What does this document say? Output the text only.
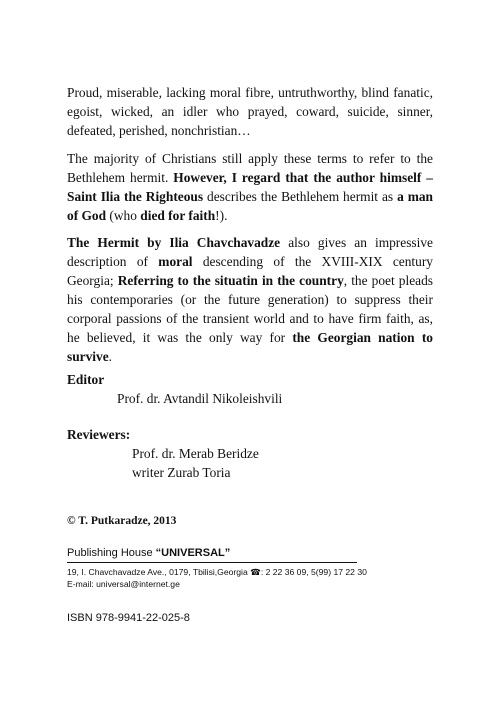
Proud, miserable, lacking moral fibre, untruthworthy, blind fanatic, egoist, wicked, an idler who prayed, coward, suicide, sinner, defeated, perished, nonchristian…

The majority of Christians still apply these terms to refer to the Bethlehem hermit. However, I regard that the author himself – Saint Ilia the Righteous describes the Bethlehem hermit as a man of God (who died for faith!).

The Hermit by Ilia Chavchavadze also gives an impressive description of moral descending of the XVIII-XIX century Georgia; Referring to the situatin in the country, the poet pleads his contemporaries (or the future generation) to suppress their corporal passions of the transient world and to have firm faith, as, he believed, it was the only way for the Georgian nation to survive.

Editor
Prof. dr. Avtandil Nikoleishvili
Reviewers:
Prof. dr. Merab Beridze
writer Zurab Toria
© T. Putkaradze, 2013
Publishing House “UNIVERSAL”
19, I. Chavchavadze Ave., 0179, Tbilisi,Georgia ☎: 2 22 36 09, 5(99) 17 22 30
E-mail: universal@internet.ge
ISBN 978-9941-22-025-8
